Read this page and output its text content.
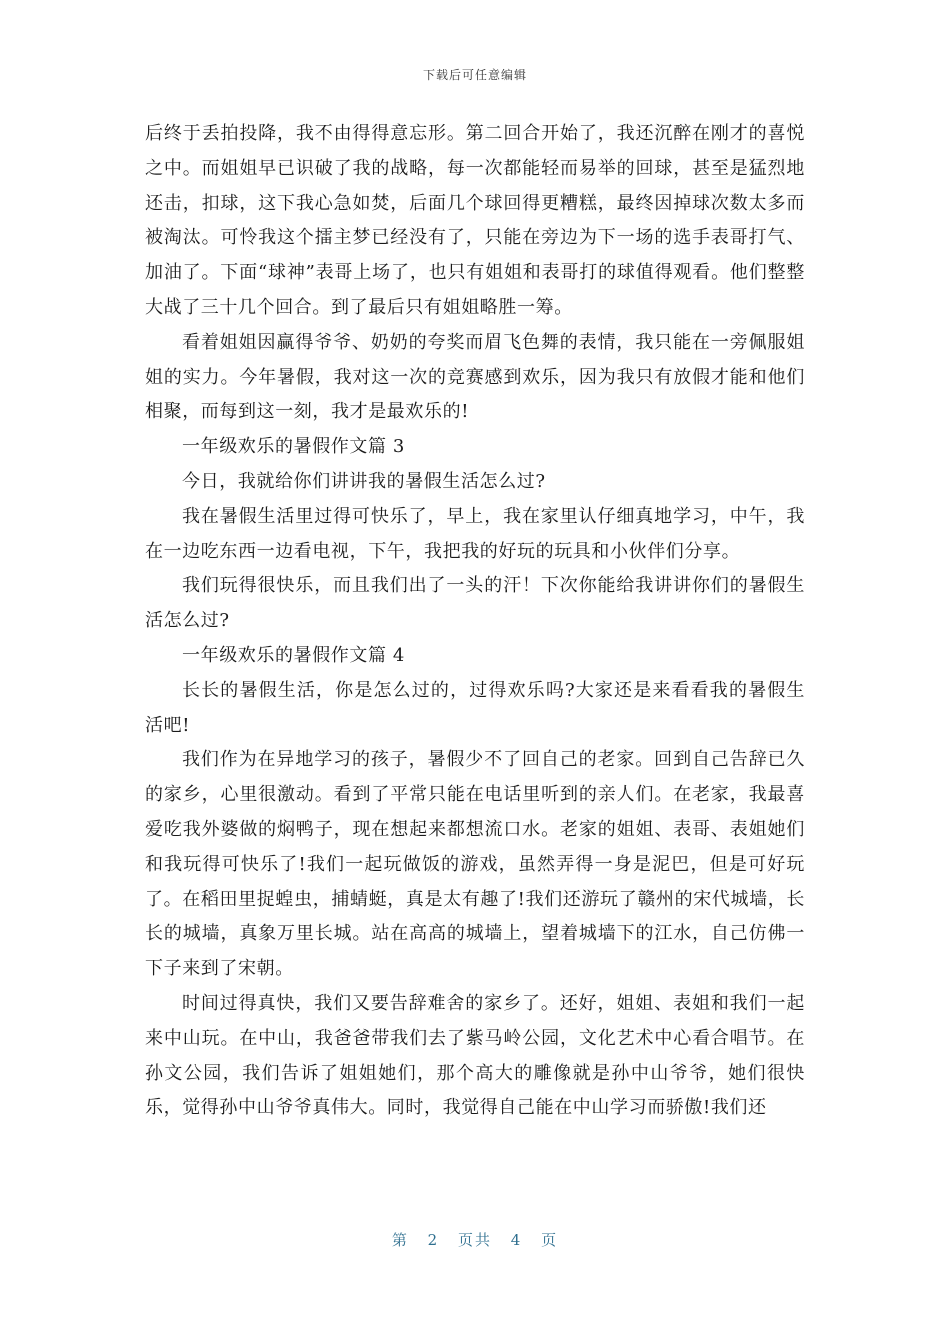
下载后可任意编辑

后终于丢拍投降，我不由得得意忘形。第二回合开始了，我还沉醉在刚才的喜悦之中。而姐姐早已识破了我的战略，每一次都能轻而易举的回球，甚至是猛烈地还击，扣球，这下我心急如焚，后面几个球回得更糟糕，最终因掉球次数太多而被淘汰。可怜我这个擂主梦已经没有了，只能在旁边为下一场的选手表哥打气、加油了。下面“球神”表哥上场了，也只有姐姐和表哥打的球值得观看。他们整整大战了三十几个回合。到了最后只有姐姐略胜一筹。

看着姐姐因赢得爷爷、奶奶的夸奖而眉飞色舞的表情，我只能在一旁佩服姐姐的实力。今年暑假，我对这一次的竞赛感到欢乐，因为我只有放假才能和他们相聚，而每到这一刻，我才是最欢乐的!

一年级欢乐的暑假作文篇 3

今日，我就给你们讲讲我的暑假生活怎么过?

我在暑假生活里过得可快乐了，早上，我在家里认仔细真地学习，中午，我在一边吃东西一边看电视，下午，我把我的好玩的玩具和小伙伴们分享。

我们玩得很快乐，而且我们出了一头的汗！下次你能给我讲讲你们的暑假生活怎么过?

一年级欢乐的暑假作文篇 4

长长的暑假生活，你是怎么过的，过得欢乐吗?大家还是来看看我的暑假生活吧!

我们作为在异地学习的孩子，暑假少不了回自己的老家。回到自己告辞已久的家乡，心里很激动。看到了平常只能在电话里听到的亲人们。在老家，我最喜爱吃我外婆做的焖鸭子，现在想起来都想流口水。老家的姐姐、表哥、表姐她们和我玩得可快乐了!我们一起玩做饭的游戏，虽然弄得一身是泥巴，但是可好玩了。在稻田里捉蝗虫，捕蜻蜓，真是太有趣了!我们还游玩了赣州的宋代城墙，长长的城墙，真象万里长城。站在高高的城墙上，望着城墙下的江水，自己仿佛一下子来到了宋朝。

时间过得真快，我们又要告辞难舍的家乡了。还好，姐姐、表姐和我们一起来中山玩。在中山，我爸爸带我们去了紫马岭公园，文化艺术中心看合唱节。在孙文公园，我们告诉了姐姐她们，那个高大的雕像就是孙中山爷爷，她们很快乐，觉得孙中山爷爷真伟大。同时，我觉得自己能在中山学习而骄傲!我们还

第 2 页共 4 页
